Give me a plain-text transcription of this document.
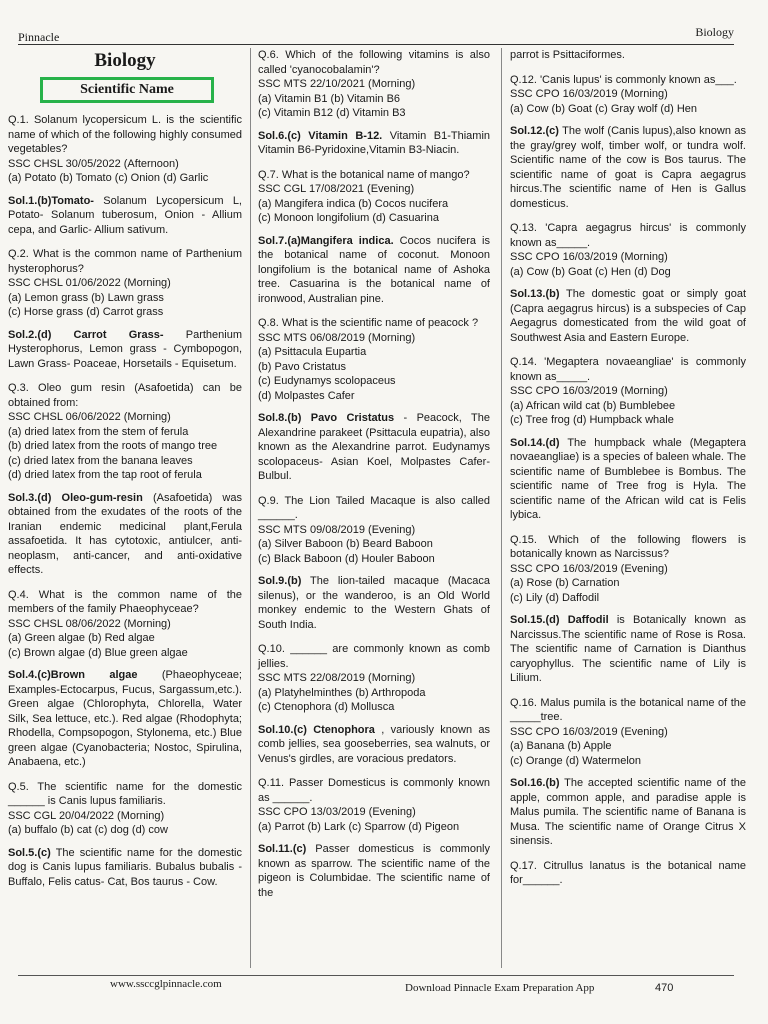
Pinnacle	Biology
Biology
Scientific Name

Q.1. Solanum lycopersicum L. is the scientific name of which of the following highly consumed vegetables?

SSC CHSL 30/05/2022 (Afternoon)

(a) Potato (b) Tomato (c) Onion (d) Garlic

Sol.1.(b)Tomato- Solanum Lycopersicum L, Potato- Solanum tuberosum, Onion - Allium cepa, and Garlic- Allium sativum.

Q.2. What is the common name of Parthenium hysterophorus?

SSC CHSL 01/06/2022 (Morning)

(a) Lemon grass (b) Lawn grass

(c) Horse grass (d) Carrot grass

Sol.2.(d) Carrot Grass- Parthenium Hysterophorus, Lemon grass - Cymbopogon, Lawn Grass- Poaceae, Horsetails - Equisetum.

Q.3. Oleo gum resin (Asafoetida) can be obtained from:

SSC CHSL 06/06/2022 (Morning)

(a) dried latex from the stem of ferula

(b) dried latex from the roots of mango tree

(c) dried latex from the banana leaves

(d) dried latex from the tap root of ferula

Sol.3.(d) Oleo-gum-resin (Asafoetida) was obtained from the exudates of the roots of the Iranian endemic medicinal plant,Ferula assafoetida. It has cytotoxic, antiulcer, anti-neoplasm, anti-cancer, and anti-oxidative effects.

Q.4. What is the common name of the members of the family Phaeophyceae?

SSC CHSL 08/06/2022 (Morning)

(a) Green algae (b) Red algae

(c) Brown algae (d) Blue green algae

Sol.4.(c)Brown algae (Phaeophyceae; Examples-Ectocarpus, Fucus, Sargassum,etc.). Green algae (Chlorophyta, Chlorella, Water Silk, Sea lettuce, etc.). Red algae (Rhodophyta; Rhodella, Compsopogon, Stylonema, etc.) Blue green algae (Cyanobacteria; Nostoc, Spirulina, Anabaena, etc.)

Q.5. The scientific name for the domestic ______ is Canis lupus familiaris.

SSC CGL 20/04/2022 (Morning)

(a) buffalo (b) cat (c) dog (d) cow

Sol.5.(c) The scientific name for the domestic dog is Canis lupus familiaris. Bubalus bubalis - Buffalo, Felis catus- Cat, Bos taurus - Cow.

Q.6. Which of the following vitamins is also called 'cyanocobalamin'?

SSC MTS 22/10/2021 (Morning)

(a) Vitamin B1 (b) Vitamin B6

(c) Vitamin B12 (d) Vitamin B3

Sol.6.(c) Vitamin B-12. Vitamin B1-Thiamin Vitamin B6-Pyridoxine,Vitamin B3-Niacin.

Q.7. What is the botanical name of mango?

SSC CGL 17/08/2021 (Evening)

(a) Mangifera indica (b) Cocos nucifera

(c) Monoon longifolium (d) Casuarina

Sol.7.(a)Mangifera indica. Cocos nucifera is the botanical name of coconut. Monoon longifolium is the botanical name of Ashoka tree. Casuarina is the botanical name of ironwood, Australian pine.

Q.8. What is the scientific name of peacock ?

SSC MTS 06/08/2019 (Morning)

(a) Psittacula Eupartia

(b) Pavo Cristatus

(c) Eudynamys scolopaceus

(d) Molpastes Cafer

Sol.8.(b) Pavo Cristatus - Peacock, The Alexandrine parakeet (Psittacula eupatria), also known as the Alexandrine parrot. Eudynamys scolopaceus- Asian Koel, Molpastes Cafer- Bulbul.

Q.9. The Lion Tailed Macaque is also called ______.

SSC MTS 09/08/2019 (Evening)

(a) Silver Baboon (b) Beard Baboon

(c) Black Baboon (d) Houler Baboon

Sol.9.(b) The lion-tailed macaque (Macaca silenus), or the wanderoo, is an Old World monkey endemic to the Western Ghats of South India.

Q.10. ______ are commonly known as comb jellies.

SSC MTS 22/08/2019 (Morning)

(a) Platyhelminthes (b) Arthropoda

(c) Ctenophora (d) Mollusca

Sol.10.(c) Ctenophora , variously known as comb jellies, sea gooseberries, sea walnuts, or Venus's girdles, are voracious predators.

Q.11. Passer Domesticus is commonly known as ______.

SSC CPO 13/03/2019 (Evening)

(a) Parrot (b) Lark (c) Sparrow (d) Pigeon

Sol.11.(c) Passer domesticus is commonly known as sparrow. The scientific name of the pigeon is Columbidae. The scientific name of the

parrot is Psittaciformes.

Q.12. 'Canis lupus' is commonly known as___.

SSC CPO 16/03/2019 (Morning)

(a) Cow (b) Goat (c) Gray wolf (d) Hen

Sol.12.(c) The wolf (Canis lupus),also known as the gray/grey wolf, timber wolf, or tundra wolf. Scientific name of the cow is Bos taurus. The scientific name of goat is Capra aegagrus hircus.The scientific name of Hen is Gallus domesticus.

Q.13. 'Capra aegagrus hircus' is commonly known as_____.

SSC CPO 16/03/2019 (Morning)

(a) Cow (b) Goat (c) Hen (d) Dog

Sol.13.(b) The domestic goat or simply goat (Capra aegagrus hircus) is a subspecies of Cap Aegagrus domesticated from the wild goat of Southwest Asia and Eastern Europe.

Q.14. 'Megaptera novaeangliae' is commonly known as_____.

SSC CPO 16/03/2019 (Morning)

(a) African wild cat (b) Bumblebee

(c) Tree frog (d) Humpback whale

Sol.14.(d) The humpback whale (Megaptera novaeangliae) is a species of baleen whale. The scientific name of Bumblebee is Bombus. The scientific name of Tree frog is Hyla. The scientific name of the African wild cat is Felis lybica.

Q.15. Which of the following flowers is botanically known as Narcissus?

SSC CPO 16/03/2019 (Evening)

(a) Rose (b) Carnation

(c) Lily (d) Daffodil

Sol.15.(d) Daffodil is Botanically known as Narcissus.The scientific name of Rose is Rosa. The scientific name of Carnation is Dianthus caryophyllus. The scientific name of Lily is Lilium.

Q.16. Malus pumila is the botanical name of the _____tree.

SSC CPO 16/03/2019 (Evening)

(a) Banana (b) Apple

(c) Orange (d) Watermelon

Sol.16.(b) The accepted scientific name of the apple, common apple, and paradise apple is Malus pumila. The scientific name of Banana is Musa. The scientific name of Orange Citrus X sinensis.

Q.17. Citrullus lanatus is the botanical name for______.

www.ssccglpinnacle.com	Download Pinnacle Exam Preparation App	470
